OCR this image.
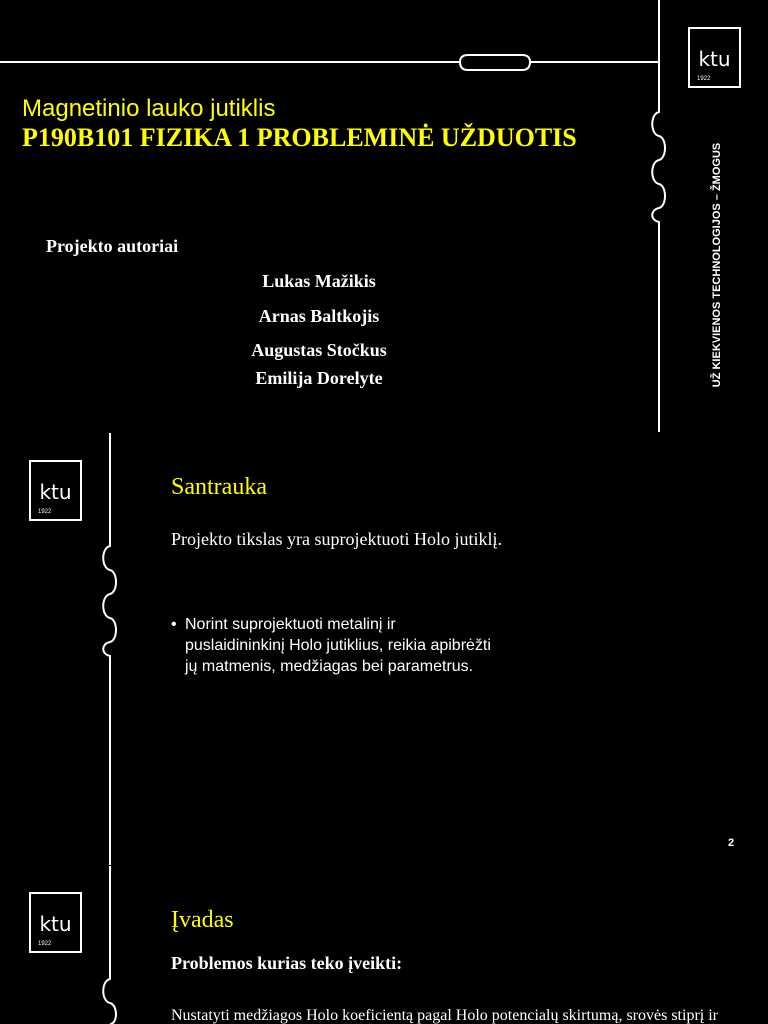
ktu
1922
UŽ KIEKVIENOS TECHNOLOGIJOS – ŽMOGUS
Magnetinio lauko jutiklis
P190B101 FIZIKA 1 PROBLEMINĖ UŽDUOTIS
Projekto autoriai
Lukas Mažikis
Arnas Baltkojis
Augustas Stočkus
Emilija Dorelyte
ktu
1922
Santrauka
Projekto tikslas yra suprojektuoti Holo jutiklį.
• Norint suprojektuoti metalinį ir puslaidininkinį Holo jutiklius, reikia apibrėžti jų matmenis, medžiagas bei parametrus.
2
ktu
1922
Įvadas
Problemos kurias teko įveikti:
Nustatyti medžiagos Holo koeficientą pagal Holo potencialų skirtumą, srovės stiprį ir
